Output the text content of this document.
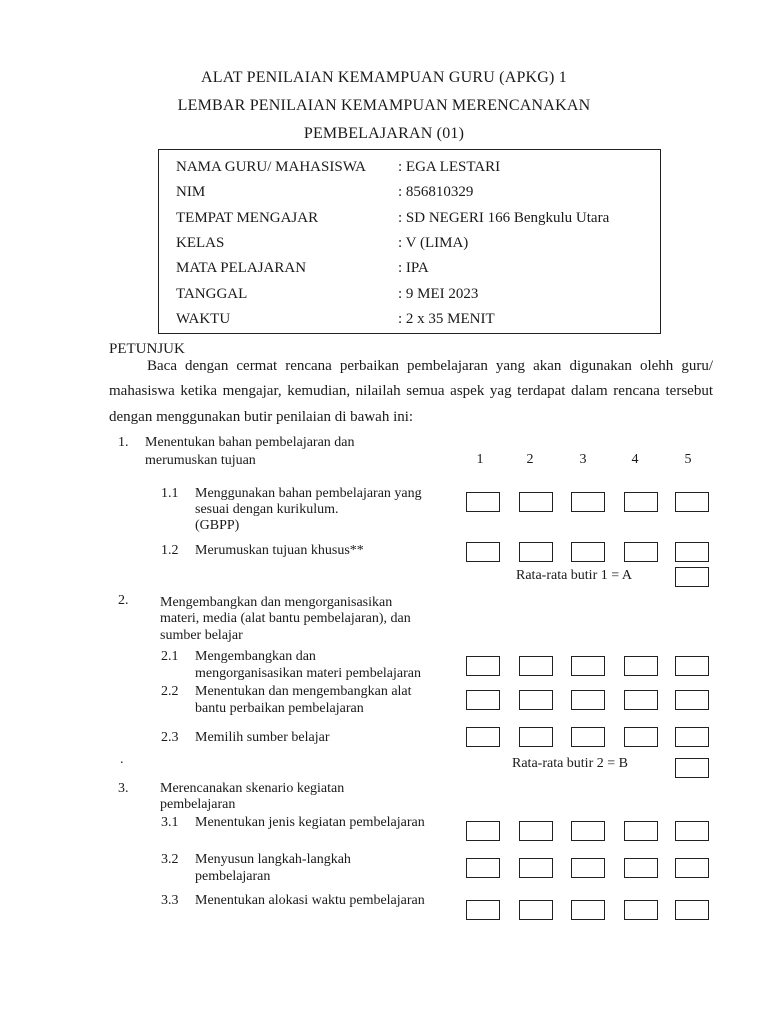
ALAT PENILAIAN KEMAMPUAN GURU (APKG) 1
LEMBAR PENILAIAN KEMAMPUAN MERENCANAKAN
PEMBELAJARAN (01)
NAMA GURU/ MAHASISWA : EGA LESTARI
NIM	: 856810329
TEMPAT MENGAJAR	: SD NEGERI 166 Bengkulu Utara
KELAS	: V (LIMA)
MATA PELAJARAN	: IPA
TANGGAL	: 9 MEI 2023
WAKTU	: 2 x 35 MENIT
PETUNJUK
Baca dengan cermat rencana perbaikan pembelajaran yang akan digunakan olehh guru/
mahasiswa ketika mengajar, kemudian, nilailah semua aspek yag terdapat dalam rencana tersebut
dengan menggunakan butir penilaian di bawah ini:
1. Menentukan bahan pembelajaran dan
merumuskan tujuan	1	2	3	4	5
1.1 Menggunakan bahan pembelajaran yang
sesuai dengan kurikulum.
(GBPP)
1.2 Merumuskan tujuan khusus**
Rata-rata butir 1 = A
2. Mengembangkan dan mengorganisasikan
materi, media (alat bantu pembelajaran), dan
sumber belajar
2.1 Mengembangkan dan
mengorganisasikan materi pembelajaran
2.2 Menentukan dan mengembangkan alat
bantu perbaikan pembelajaran
2.3 Memilih sumber belajar
.	Rata-rata butir 2 = B
3. Merencanakan skenario kegiatan
pembelajaran
3.1 Menentukan jenis kegiatan pembelajaran
3.2 Menyusun langkah-langkah
pembelajaran
3.3 Menentukan alokasi waktu pembelajaran
